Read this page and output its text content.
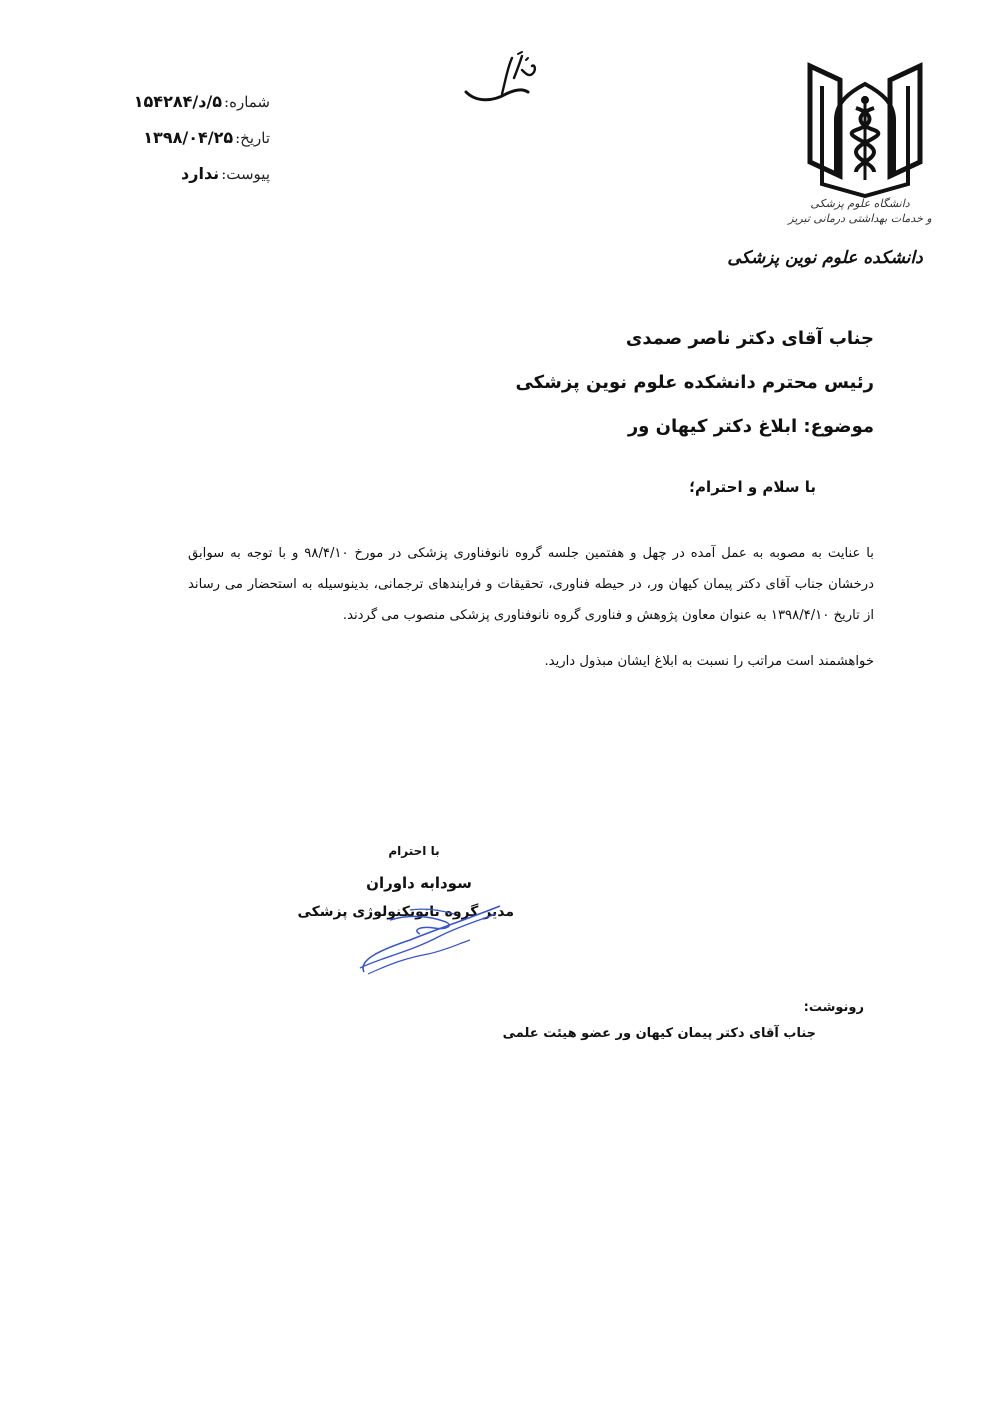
شماره:
۵/د/۱۵۴۲۸۴
تاریخ:
۱۳۹۸/۰۴/۲۵
پیوست:
ندارد
دانشگاه علوم پزشکی
و خدمات بهداشتی درمانی تبریز
دانشکده علوم نوین پزشکی
جناب آقای دکتر ناصر صمدی
رئیس محترم دانشکده علوم نوین پزشکی
موضوع: ابلاغ دکتر کیهان ور
با سلام و احترام؛
با عنایت به مصوبه به عمل آمده در چهل و هفتمین جلسه گروه نانوفناوری پزشکی در مورخ ۹۸/۴/۱۰ و با توجه به سوابق درخشان جناب آقای دکتر پیمان کیهان ور، در حیطه فناوری، تحقیقات و فرایندهای ترجمانی، بدینوسیله به استحضار می رساند از تاریخ ۱۳۹۸/۴/۱۰ به عنوان معاون پژوهش و فناوری گروه نانوفناوری پزشکی منصوب می گردند.
خواهشمند است مراتب را نسبت به ابلاغ ایشان مبذول دارید.
با احترام
سودابه داوران
مدیر گروه نانوتکنولوژی پزشکی
رونوشت:
جناب آقای دکتر پیمان کیهان ور عضو هیئت علمی
